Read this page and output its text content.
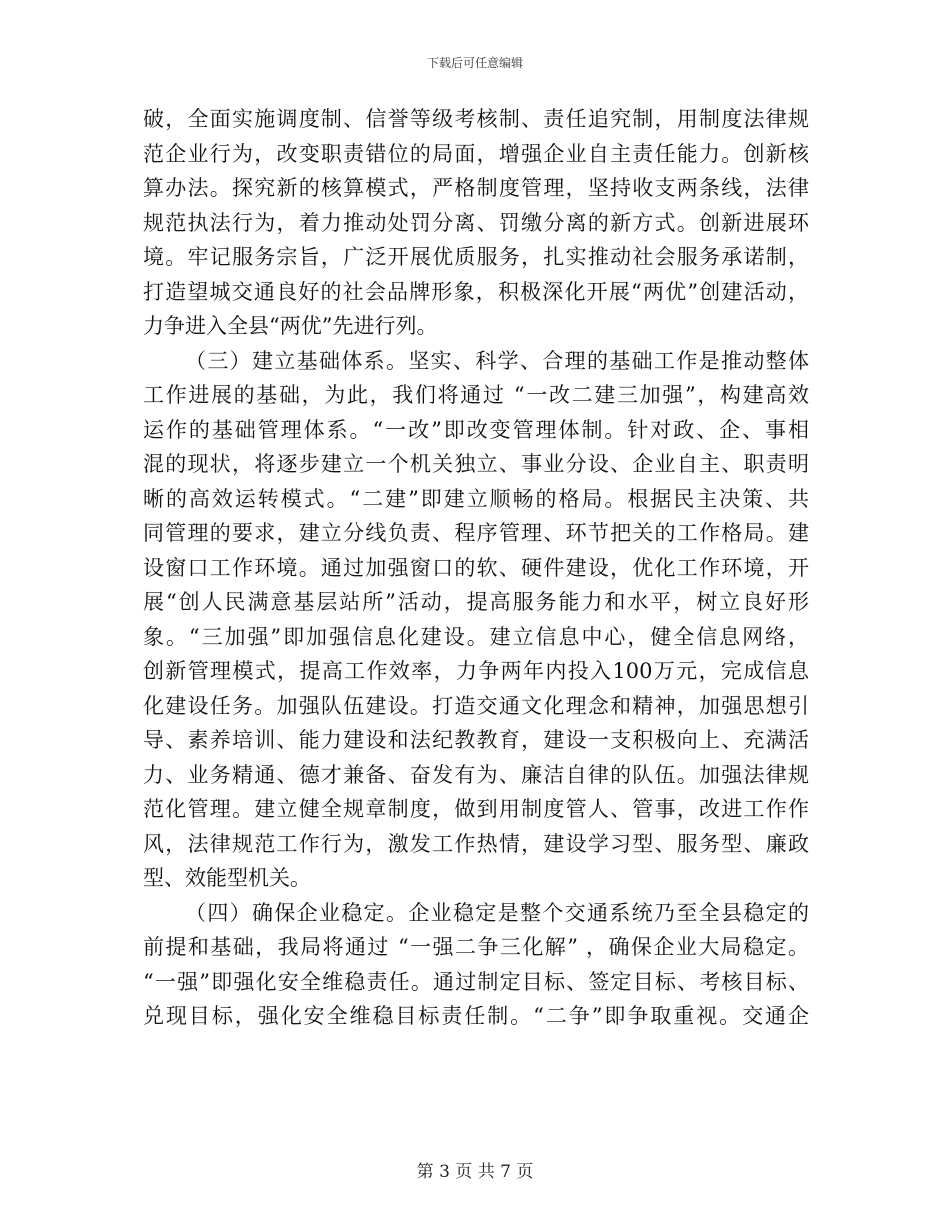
下载后可任意编辑
破，全面实施调度制、信誉等级考核制、责任追究制，用制度法律规
范企业行为，改变职责错位的局面，增强企业自主责任能力。创新核
算办法。探究新的核算模式，严格制度管理，坚持收支两条线，法律
规范执法行为，着力推动处罚分离、罚缴分离的新方式。创新进展环
境。牢记服务宗旨，广泛开展优质服务，扎实推动社会服务承诺制，
打造望城交通良好的社会品牌形象，积极深化开展“两优”创建活动，
力争进入全县“两优”先进行列。
（三）建立基础体系。坚实、科学、合理的基础工作是推动整体
工作进展的基础，为此，我们将通过 “一改二建三加强”，构建高效
运作的基础管理体系。“一改”即改变管理体制。针对政、企、事相
混的现状，将逐步建立一个机关独立、事业分设、企业自主、职责明
晰的高效运转模式。“二建”即建立顺畅的格局。根据民主决策、共
同管理的要求，建立分线负责、程序管理、环节把关的工作格局。建
设窗口工作环境。通过加强窗口的软、硬件建设，优化工作环境，开
展“创人民满意基层站所”活动，提高服务能力和水平，树立良好形
象。“三加强”即加强信息化建设。建立信息中心，健全信息网络，
创新管理模式，提高工作效率，力争两年内投入100万元，完成信息
化建设任务。加强队伍建设。打造交通文化理念和精神，加强思想引
导、素养培训、能力建设和法纪教教育，建设一支积极向上、充满活
力、业务精通、德才兼备、奋发有为、廉洁自律的队伍。加强法律规
范化管理。建立健全规章制度，做到用制度管人、管事，改进工作作
风，法律规范工作行为，激发工作热情，建设学习型、服务型、廉政
型、效能型机关。
（四）确保企业稳定。企业稳定是整个交通系统乃至全县稳定的
前提和基础，我局将通过 “一强二争三化解” ，确保企业大局稳定。
“一强”即强化安全维稳责任。通过制定目标、签定目标、考核目标、
兑现目标，强化安全维稳目标责任制。“二争”即争取重视。交通企
第 3 页 共 7 页
